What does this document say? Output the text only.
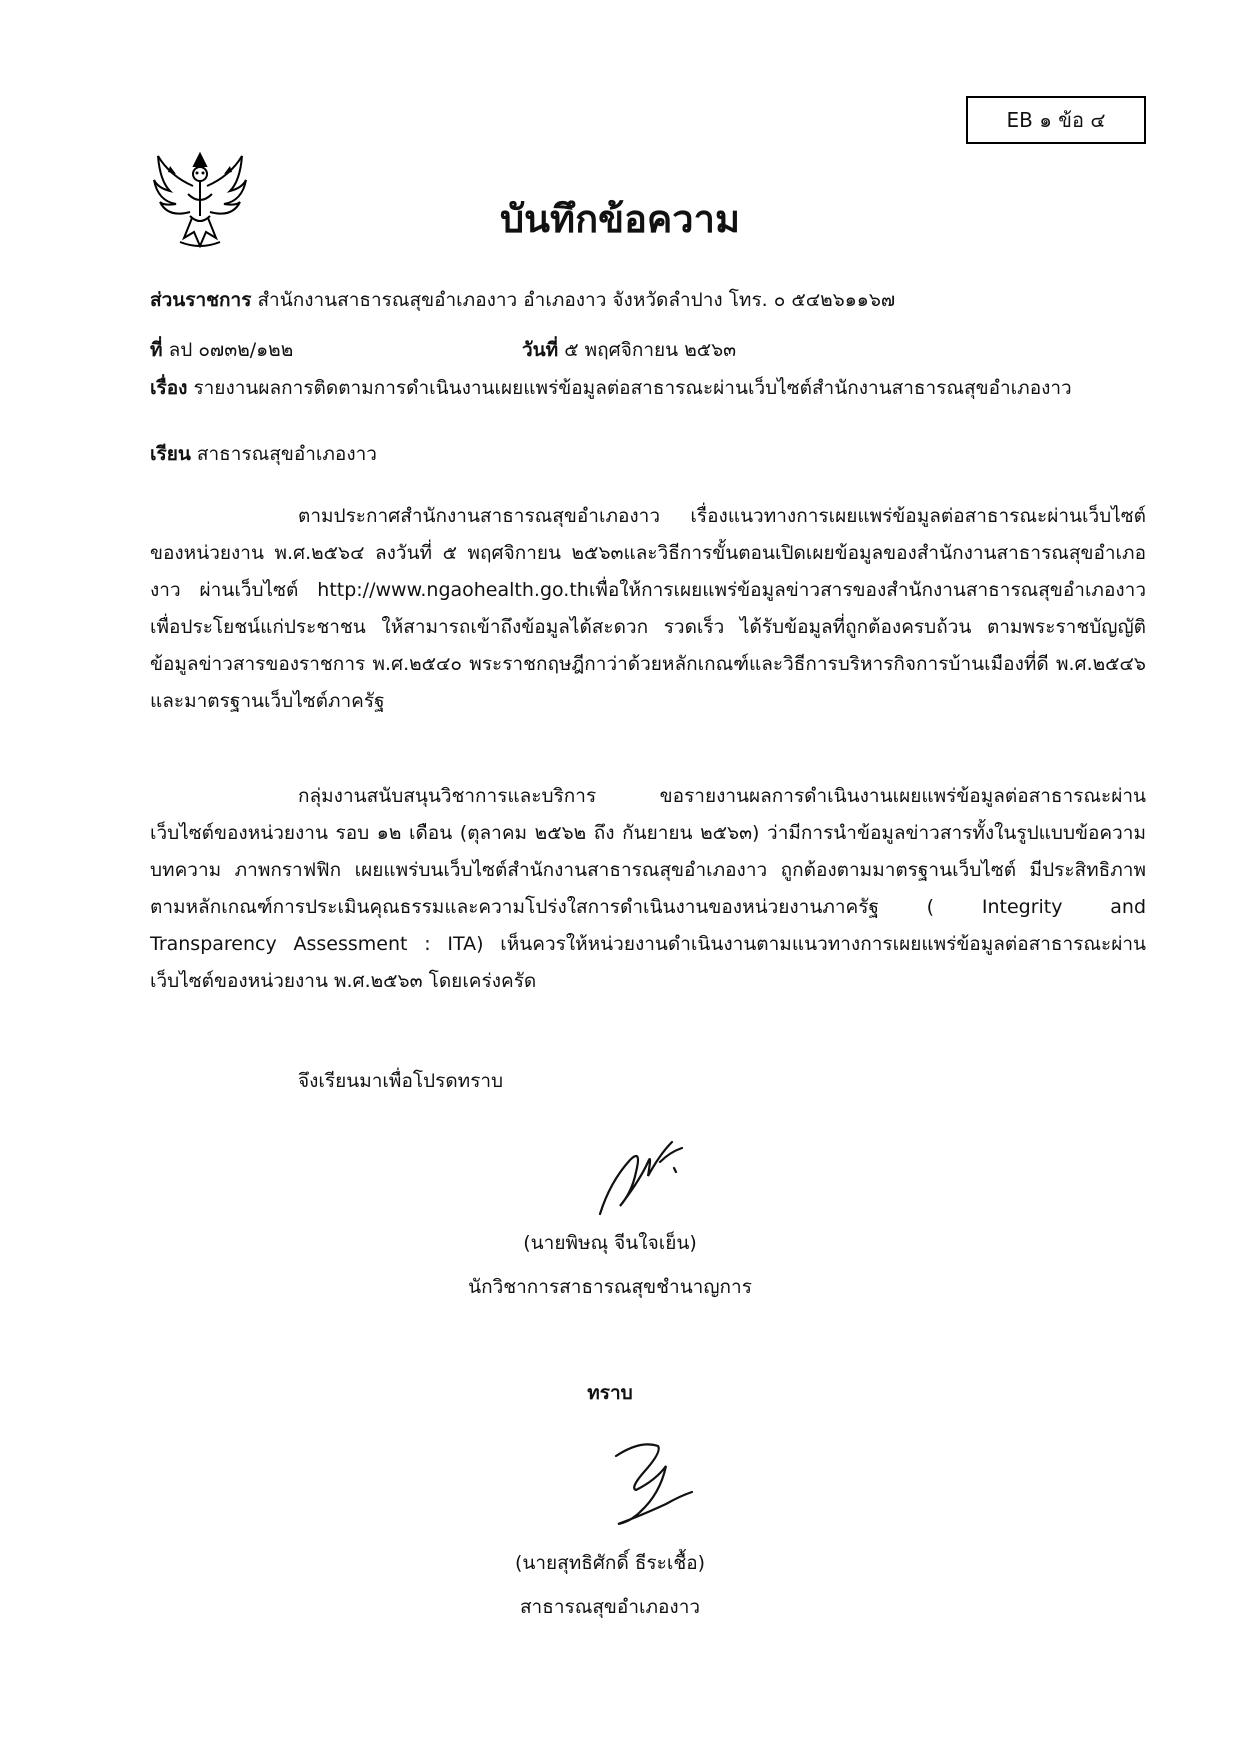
EB ๑ ข้อ ๔
บันทึกข้อความ
ส่วนราชการ สำนักงานสาธารณสุขอำเภองาว อำเภองาว จังหวัดลำปาง โทร. ๐ ๕๔๒๖๑๑๖๗
ที่ ลป ๐๗๓๒/๑๒๒	วันที่ ๕ พฤศจิกายน ๒๕๖๓
เรื่อง รายงานผลการติดตามการดำเนินงานเผยแพร่ข้อมูลต่อสาธารณะผ่านเว็บไซต์สำนักงานสาธารณสุขอำเภองาว
เรียน สาธารณสุขอำเภองาว
ตามประกาศสำนักงานสาธารณสุขอำเภองาว เรื่องแนวทางการเผยแพร่ข้อมูลต่อสาธารณะผ่านเว็บไซต์ของหน่วยงาน พ.ศ.๒๕๖๔ ลงวันที่ ๕ พฤศจิกายน ๒๕๖๓และวิธีการขั้นตอนเปิดเผยข้อมูลของสำนักงานสาธารณสุขอำเภองาว ผ่านเว็บไซต์ http://www.ngaohealth.go.thเพื่อให้การเผยแพร่ข้อมูลข่าวสารของสำนักงานสาธารณสุขอำเภองาว เพื่อประโยชน์แก่ประชาชน ให้สามารถเข้าถึงข้อมูลได้สะดวก รวดเร็ว ได้รับข้อมูลที่ถูกต้องครบถ้วน ตามพระราชบัญญัติข้อมูลข่าวสารของราชการ พ.ศ.๒๕๔๐ พระราชกฤษฎีกาว่าด้วยหลักเกณฑ์และวิธีการบริหารกิจการบ้านเมืองที่ดี พ.ศ.๒๕๔๖ และมาตรฐานเว็บไซต์ภาครัฐ
กลุ่มงานสนับสนุนวิชาการและบริการ ขอรายงานผลการดำเนินงานเผยแพร่ข้อมูลต่อสาธารณะผ่านเว็บไซต์ของหน่วยงาน รอบ ๑๒ เดือน (ตุลาคม ๒๕๖๒ ถึง กันยายน ๒๕๖๓) ว่ามีการนำข้อมูลข่าวสารทั้งในรูปแบบข้อความ บทความ ภาพกราฟฟิก เผยแพร่บนเว็บไซต์สำนักงานสาธารณสุขอำเภองาว ถูกต้องตามมาตรฐานเว็บไซต์ มีประสิทธิภาพตามหลักเกณฑ์การประเมินคุณธรรมและความโปร่งใสการดำเนินงานของหน่วยงานภาครัฐ ( Integrity and Transparency Assessment : ITA) เห็นควรให้หน่วยงานดำเนินงานตามแนวทางการเผยแพร่ข้อมูลต่อสาธารณะผ่านเว็บไซต์ของหน่วยงาน พ.ศ.๒๕๖๓ โดยเคร่งครัด
จึงเรียนมาเพื่อโปรดทราบ
(นายพิษณุ จีนใจเย็น)
นักวิชาการสาธารณสุขชำนาญการ
ทราบ
(นายสุทธิศักดิ์ ธีระเชื้อ)
สาธารณสุขอำเภองาว
